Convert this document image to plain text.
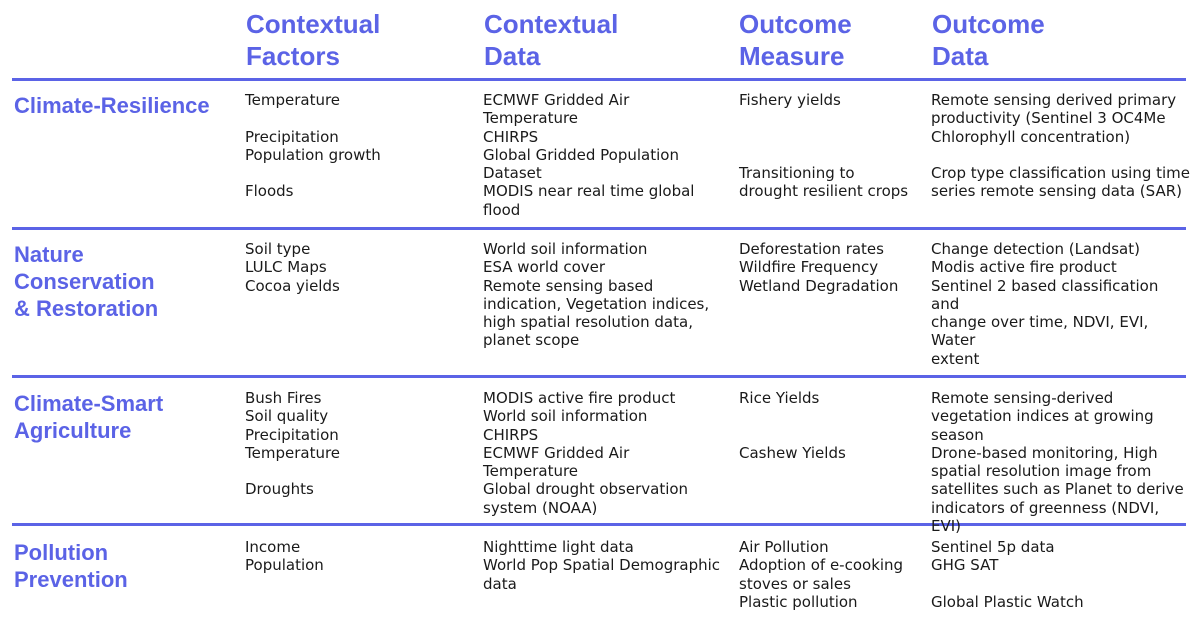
Contextual
Factors
Contextual
Data
Outcome
Measure
Outcome
Data
Climate-Resilience Temperature

Precipitation
Population growth

Floods
ECMWF Gridded Air
Temperature
CHIRPS
Global Gridded Population
Dataset
MODIS near real time global
flood
Fishery yields

Transitioning to
drought resilient crops
Remote sensing derived primary
productivity (Sentinel 3 OC4Me
Chlorophyll concentration)

Crop type classification using time
series remote sensing data (SAR)
Nature
Conservation
& Restoration
Soil type
LULC Maps
Cocoa yields
World soil information
ESA world cover
Remote sensing based
indication, Vegetation indices,
high spatial resolution data,
planet scope
Deforestation rates
Wildfire Frequency
Wetland Degradation
Change detection (Landsat)
Modis active fire product
Sentinel 2 based classification and
change over time, NDVI, EVI, Water
extent
Climate-Smart
Agriculture
Bush Fires
Soil quality
Precipitation
Temperature

Droughts
MODIS active fire product
World soil information
CHIRPS
ECMWF Gridded Air
Temperature
Global drought observation
system (NOAA)
Rice Yields

Cashew Yields
Remote sensing-derived
vegetation indices at growing
season
Drone-based monitoring, High
spatial resolution image from
satellites such as Planet to derive
indicators of greenness (NDVI, EVI)
Pollution
Prevention
Income
Population
Nighttime light data
World Pop Spatial Demographic
data
Air Pollution
Adoption of e-cooking
stoves or sales
Plastic pollution
Sentinel 5p data
GHG SAT

Global Plastic Watch
